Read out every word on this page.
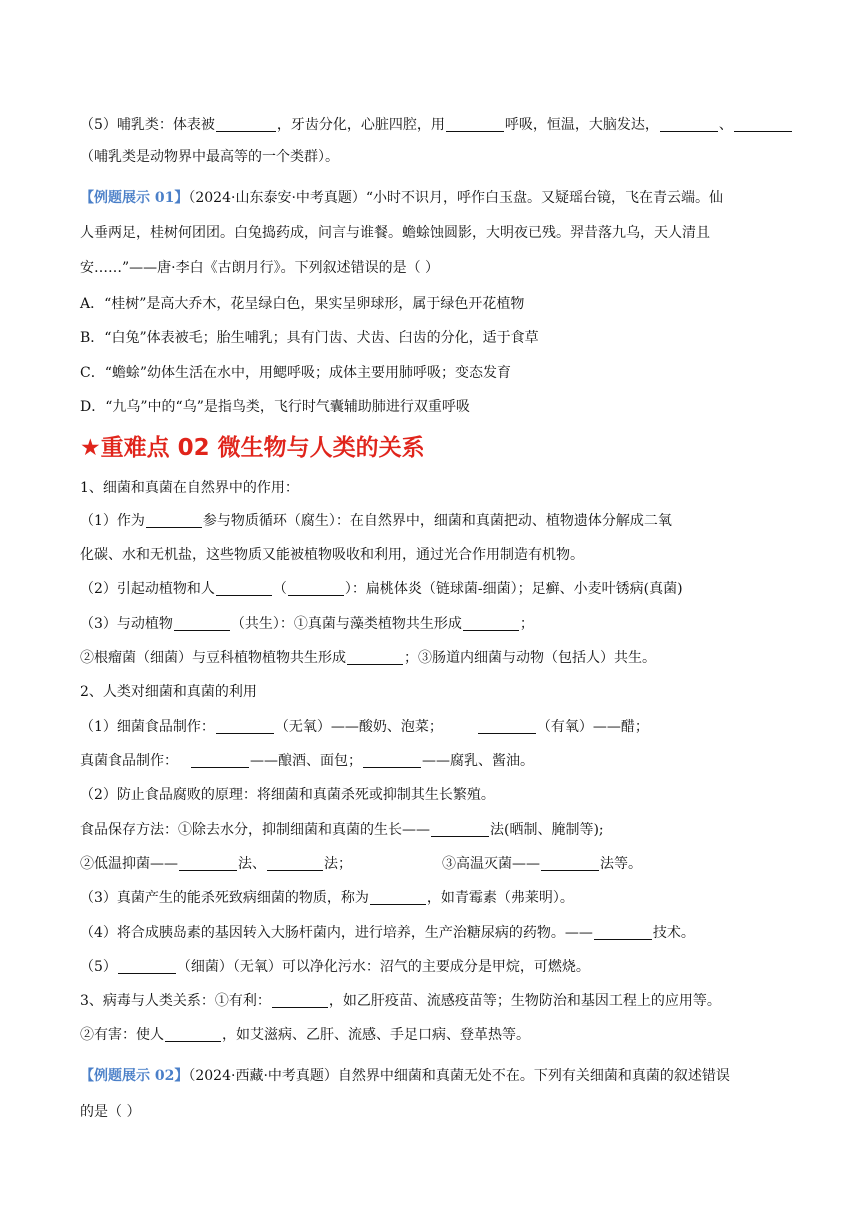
（5）哺乳类：体表被	，牙齿分化，心脏四腔，用	呼吸，恒温，大脑发达，	、
（哺乳类是动物界中最高等的一个类群）。
【例题展示 01】（2024·山东泰安·中考真题）“小时不识月，呼作白玉盘。又疑瑶台镜，飞在青云端。仙
人垂两足，桂树何团团。白兔捣药成，问言与谁餐。蟾蜍蚀圆影，大明夜已残。羿昔落九乌，天人清且
安……”——唐·李白《古朗月行》。下列叙述错误的是（ ）
A．“桂树”是高大乔木，花呈绿白色，果实呈卵球形，属于绿色开花植物
B．“白兔”体表被毛；胎生哺乳；具有门齿、犬齿、臼齿的分化，适于食草
C．“蟾蜍”幼体生活在水中，用鳃呼吸；成体主要用肺呼吸；变态发育
D．“九乌”中的“乌”是指鸟类，飞行时气囊辅助肺进行双重呼吸
★重难点 02 微生物与人类的关系
1、细菌和真菌在自然界中的作用：
（1）作为	参与物质循环（腐生）：在自然界中，细菌和真菌把动、植物遗体分解成二氧
化碳、水和无机盐，这些物质又能被植物吸收和利用，通过光合作用制造有机物。
（2）引起动植物和人	（	）：扁桃体炎（链球菌-细菌）；足癣、小麦叶锈病(真菌)
（3）与动植物	（共生）：①真菌与藻类植物共生形成	；
②根瘤菌（细菌）与豆科植物植物共生形成	；③肠道内细菌与动物（包括人）共生。
2、人类对细菌和真菌的利用
（1）细菌食品制作：	（无氧）——酸奶、泡菜；	（有氧）——醋；
真菌食品制作：	——酿酒、面包；	——腐乳、酱油。
（2）防止食品腐败的原理：将细菌和真菌杀死或抑制其生长繁殖。
食品保存方法：①除去水分，抑制细菌和真菌的生长——	法(晒制、腌制等);
②低温抑菌——	法、	法；	③高温灭菌——	法等。
（3）真菌产生的能杀死致病细菌的物质，称为	，如青霉素（弗莱明）。
（4）将合成胰岛素的基因转入大肠杆菌内，进行培养，生产治糖尿病的药物。——	技术。
（5）	（细菌）（无氧）可以净化污水：沼气的主要成分是甲烷，可燃烧。
3、病毒与人类关系：①有利：	，如乙肝疫苗、流感疫苗等；生物防治和基因工程上的应用等。
②有害：使人	，如艾滋病、乙肝、流感、手足口病、登革热等。
【例题展示 02】（2024·西藏·中考真题）自然界中细菌和真菌无处不在。下列有关细菌和真菌的叙述错误
的是（ ）
